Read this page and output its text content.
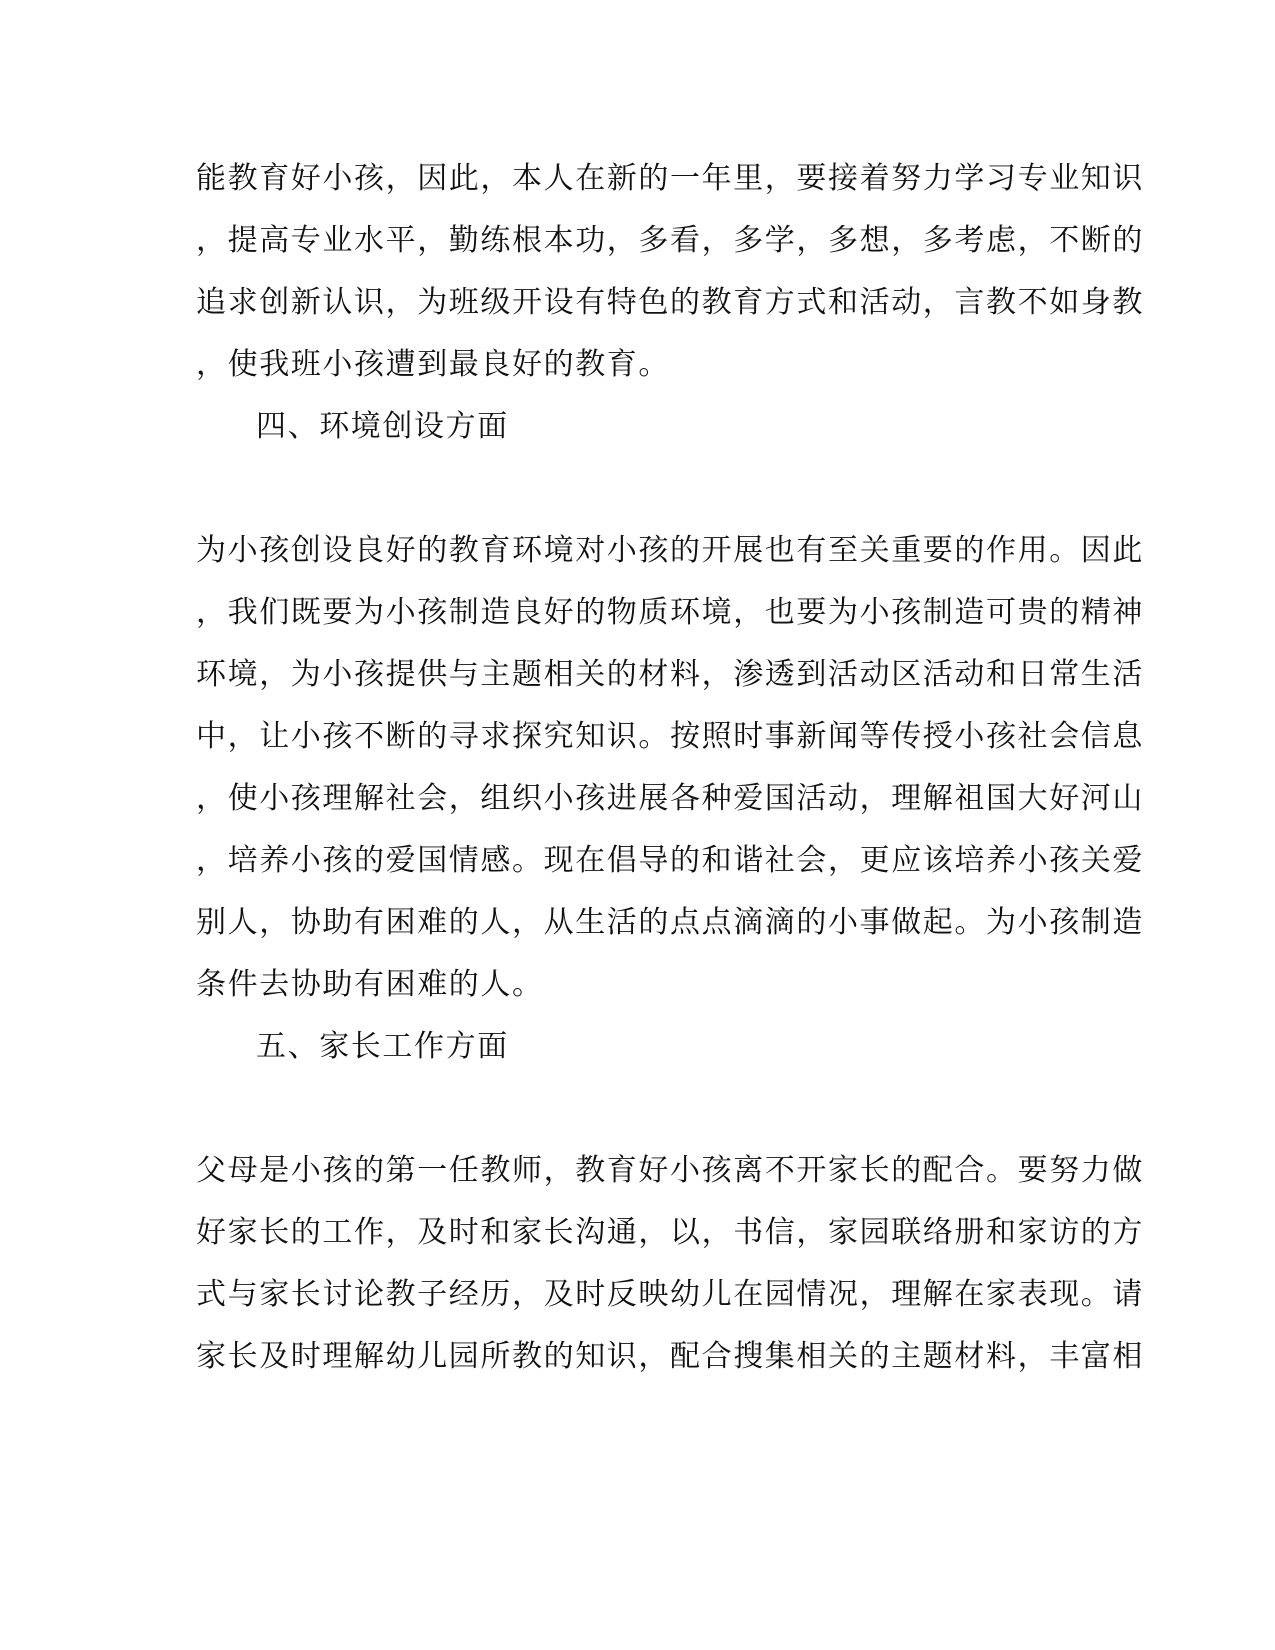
能教育好小孩，因此，本人在新的一年里，要接着努力学习专业知识
，提高专业水平，勤练根本功，多看，多学，多想，多考虑，不断的
追求创新认识，为班级开设有特色的教育方式和活动，言教不如身教
，使我班小孩遭到最良好的教育。
四、环境创设方面
为小孩创设良好的教育环境对小孩的开展也有至关重要的作用。因此
，我们既要为小孩制造良好的物质环境，也要为小孩制造可贵的精神
环境，为小孩提供与主题相关的材料，渗透到活动区活动和日常生活
中，让小孩不断的寻求探究知识。按照时事新闻等传授小孩社会信息
，使小孩理解社会，组织小孩进展各种爱国活动，理解祖国大好河山
，培养小孩的爱国情感。现在倡导的和谐社会，更应该培养小孩关爱
别人，协助有困难的人，从生活的点点滴滴的小事做起。为小孩制造
条件去协助有困难的人。
五、家长工作方面
父母是小孩的第一任教师，教育好小孩离不开家长的配合。要努力做
好家长的工作，及时和家长沟通，以，书信，家园联络册和家访的方
式与家长讨论教子经历，及时反映幼儿在园情况，理解在家表现。请
家长及时理解幼儿园所教的知识，配合搜集相关的主题材料，丰富相
